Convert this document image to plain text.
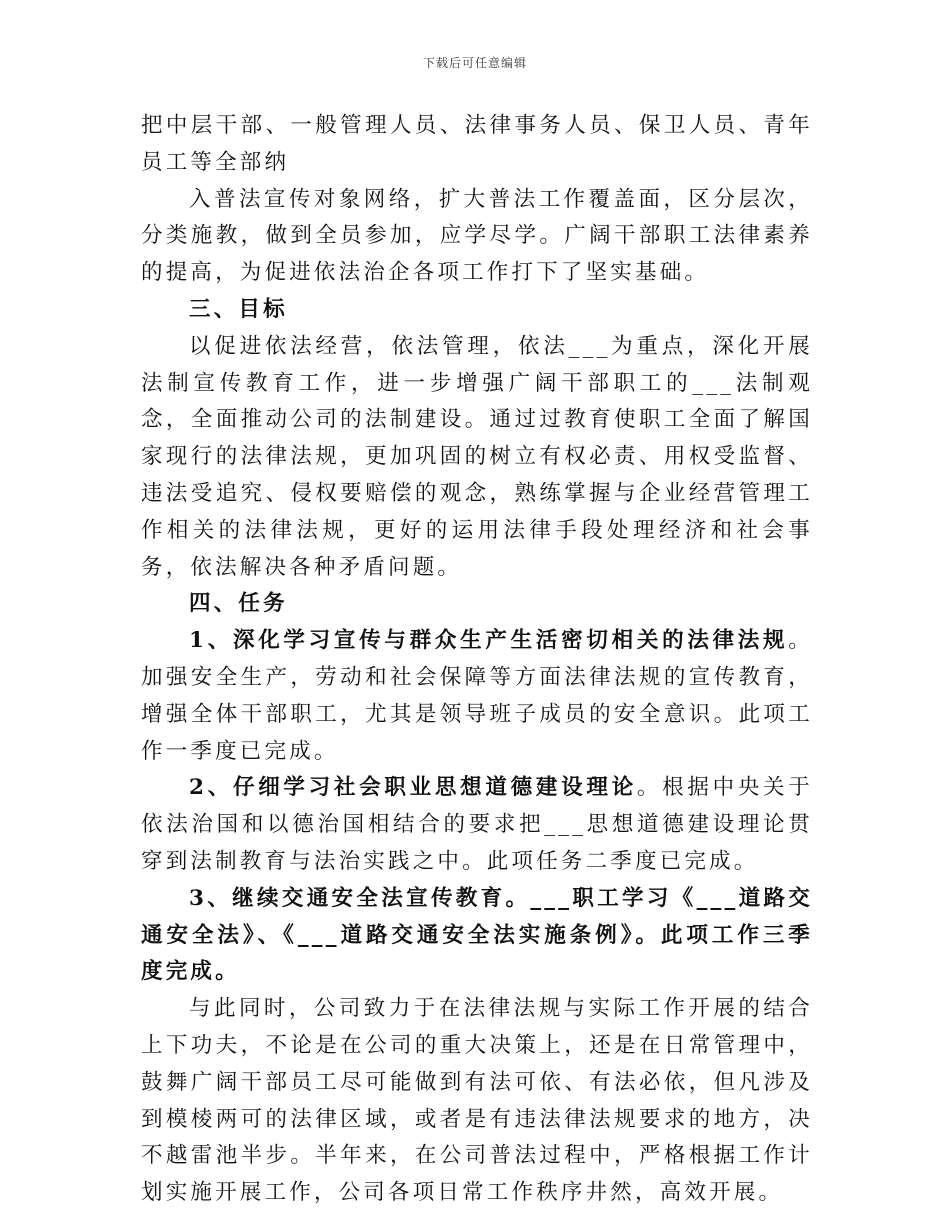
下载后可任意编辑

把中层干部、一般管理人员、法律事务人员、保卫人员、青年员工等全部纳

入普法宣传对象网络，扩大普法工作覆盖面，区分层次，分类施教，做到全员参加，应学尽学。广阔干部职工法律素养的提高，为促进依法治企各项工作打下了坚实基础。

三、目标

以促进依法经营，依法管理，依法___为重点，深化开展法制宣传教育工作，进一步增强广阔干部职工的___法制观念，全面推动公司的法制建设。通过过教育使职工全面了解国家现行的法律法规，更加巩固的树立有权必责、用权受监督、违法受追究、侵权要赔偿的观念，熟练掌握与企业经营管理工作相关的法律法规，更好的运用法律手段处理经济和社会事务，依法解决各种矛盾问题。

四、任务

1、深化学习宣传与群众生产生活密切相关的法律法规。加强安全生产，劳动和社会保障等方面法律法规的宣传教育，增强全体干部职工，尤其是领导班子成员的安全意识。此项工作一季度已完成。

2、仔细学习社会职业思想道德建设理论。根据中央关于依法治国和以德治国相结合的要求把___思想道德建设理论贯穿到法制教育与法治实践之中。此项任务二季度已完成。

3、继续交通安全法宣传教育。___职工学习《___道路交通安全法》、《___道路交通安全法实施条例》。此项工作三季度完成。

与此同时，公司致力于在法律法规与实际工作开展的结合上下功夫，不论是在公司的重大决策上，还是在日常管理中，鼓舞广阔干部员工尽可能做到有法可依、有法必依，但凡涉及到模棱两可的法律区域，或者是有违法律法规要求的地方，决不越雷池半步。半年来，在公司普法过程中，严格根据工作计划实施开展工作，公司各项日常工作秩序井然，高效开展。
